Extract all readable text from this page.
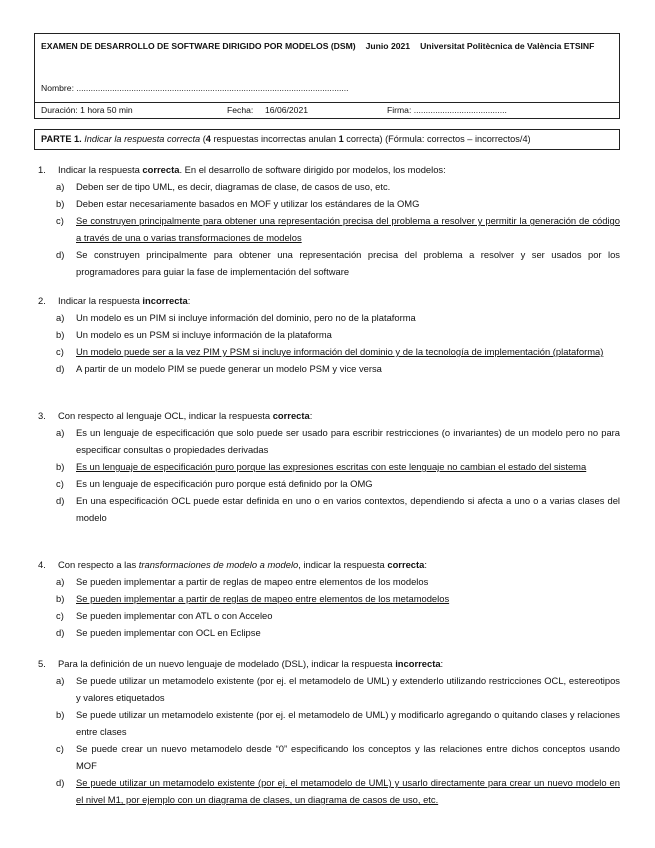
EXAMEN DE DESARROLLO DE SOFTWARE DIRIGIDO POR MODELOS (DSM) Junio 2021 Universitat Politècnica de València ETSINF
Nombre: ..................................................................................................................
Duración: 1 hora 50 min	Fecha: 16/06/2021	Firma: .......................................
PARTE 1. Indicar la respuesta correcta (4 respuestas incorrectas anulan 1 correcta) (Fórmula: correctos – incorrectos/4)
1.	Indicar la respuesta correcta. En el desarrollo de software dirigido por modelos, los modelos:
a)	Deben ser de tipo UML, es decir, diagramas de clase, de casos de uso, etc.
b)	Deben estar necesariamente basados en MOF y utilizar los estándares de la OMG
c)	Se construyen principalmente para obtener una representación precisa del problema a resolver y permitir la generación de código a través de una o varias transformaciones de modelos
d)	Se construyen principalmente para obtener una representación precisa del problema a resolver y ser usados por los programadores para guiar la fase de implementación del software
2.	Indicar la respuesta incorrecta:
a)	Un modelo es un PIM si incluye información del dominio, pero no de la plataforma
b)	Un modelo es un PSM si incluye información de la plataforma
c)	Un modelo puede ser a la vez PIM y PSM si incluye información del dominio y de la tecnología de implementación (plataforma)
d)	A partir de un modelo PIM se puede generar un modelo PSM y vice versa
3.	Con respecto al lenguaje OCL, indicar la respuesta correcta:
a)	Es un lenguaje de especificación que solo puede ser usado para escribir restricciones (o invariantes) de un modelo pero no para especificar consultas o propiedades derivadas
b)	Es un lenguaje de especificación puro porque las expresiones escritas con este lenguaje no cambian el estado del sistema
c)	Es un lenguaje de especificación puro porque está definido por la OMG
d)	En una especificación OCL puede estar definida en uno o en varios contextos, dependiendo si afecta a uno o a varias clases del modelo
4.	Con respecto a las transformaciones de modelo a modelo, indicar la respuesta correcta:
a)	Se pueden implementar a partir de reglas de mapeo entre elementos de los modelos
b)	Se pueden implementar a partir de reglas de mapeo entre elementos de los metamodelos
c)	Se pueden implementar con ATL o con Acceleo
d)	Se pueden implementar con OCL en Eclipse
5.	Para la definición de un nuevo lenguaje de modelado (DSL), indicar la respuesta incorrecta:
a)	Se puede utilizar un metamodelo existente (por ej. el metamodelo de UML) y extenderlo utilizando restricciones OCL, estereotipos y valores etiquetados
b)	Se puede utilizar un metamodelo existente (por ej. el metamodelo de UML) y modificarlo agregando o quitando clases y relaciones entre clases
c)	Se puede crear un nuevo metamodelo desde “0” especificando los conceptos y las relaciones entre dichos conceptos usando MOF
d)	Se puede utilizar un metamodelo existente (por ej. el metamodelo de UML) y usarlo directamente para crear un nuevo modelo en el nivel M1, por ejemplo con un diagrama de clases, un diagrama de casos de uso, etc.
